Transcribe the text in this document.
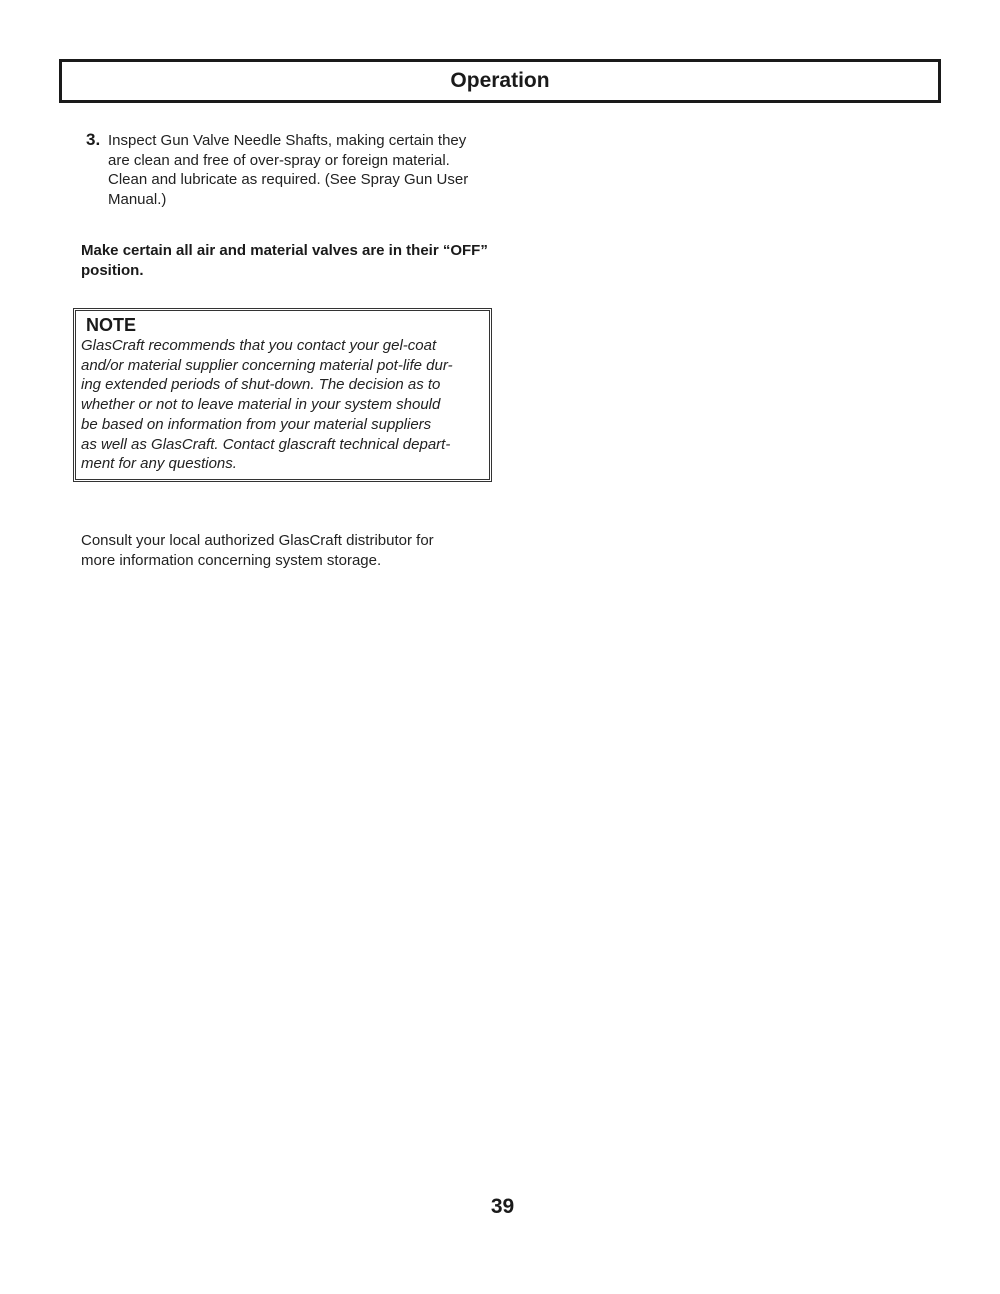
Operation
3. Inspect Gun Valve Needle Shafts, making certain they are clean and free of over-spray or foreign material. Clean and lubricate as required. (See Spray Gun User Manual.)

Make certain all air and material valves are in their “OFF” position.

NOTE

GlasCraft recommends that you contact your gel-coat
and/or material supplier concerning material pot-life dur-
ing extended periods of shut-down. The decision as to
whether or not to leave material in your system should
be based on information from your material suppliers
as well as GlasCraft. Contact glascraft technical depart-
ment for any questions.

Consult your local authorized GlasCraft distributor for
more information concerning system storage.

39
